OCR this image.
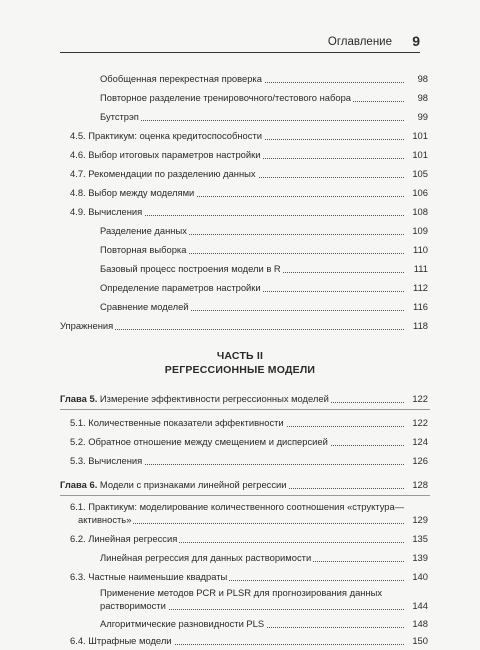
Оглавление 9
Обобщенная перекрестная проверка	98
Повторное разделение тренировочного/тестового набора	98
Бутстрэп	99
4.5. Практикум: оценка кредитоспособности	101
4.6. Выбор итоговых параметров настройки	101
4.7. Рекомендации по разделению данных	105
4.8. Выбор между моделями	106
4.9. Вычисления	108
Разделение данных	109
Повторная выборка	110
Базовый процесс построения модели в R	111
Определение параметров настройки	112
Сравнение моделей	116
Упражнения	118
ЧАСТЬ II
РЕГРЕССИОННЫЕ МОДЕЛИ
Глава 5. Измерение эффективности регрессионных моделей	122
5.1. Количественные показатели эффективности	122
5.2. Обратное отношение между смещением и дисперсией	124
5.3. Вычисления	126
Глава 6. Модели с признаками линейной регрессии	128
6.1. Практикум: моделирование количественного соотношения «структура—
активность»	129
6.2. Линейная регрессия	135
Линейная регрессия для данных растворимости	139
6.3. Частные наименьшие квадраты	140
Применение методов PCR и PLSR для прогнозирования данных
растворимости	144
Алгоритмические разновидности PLS	148
6.4. Штрафные модели	150
